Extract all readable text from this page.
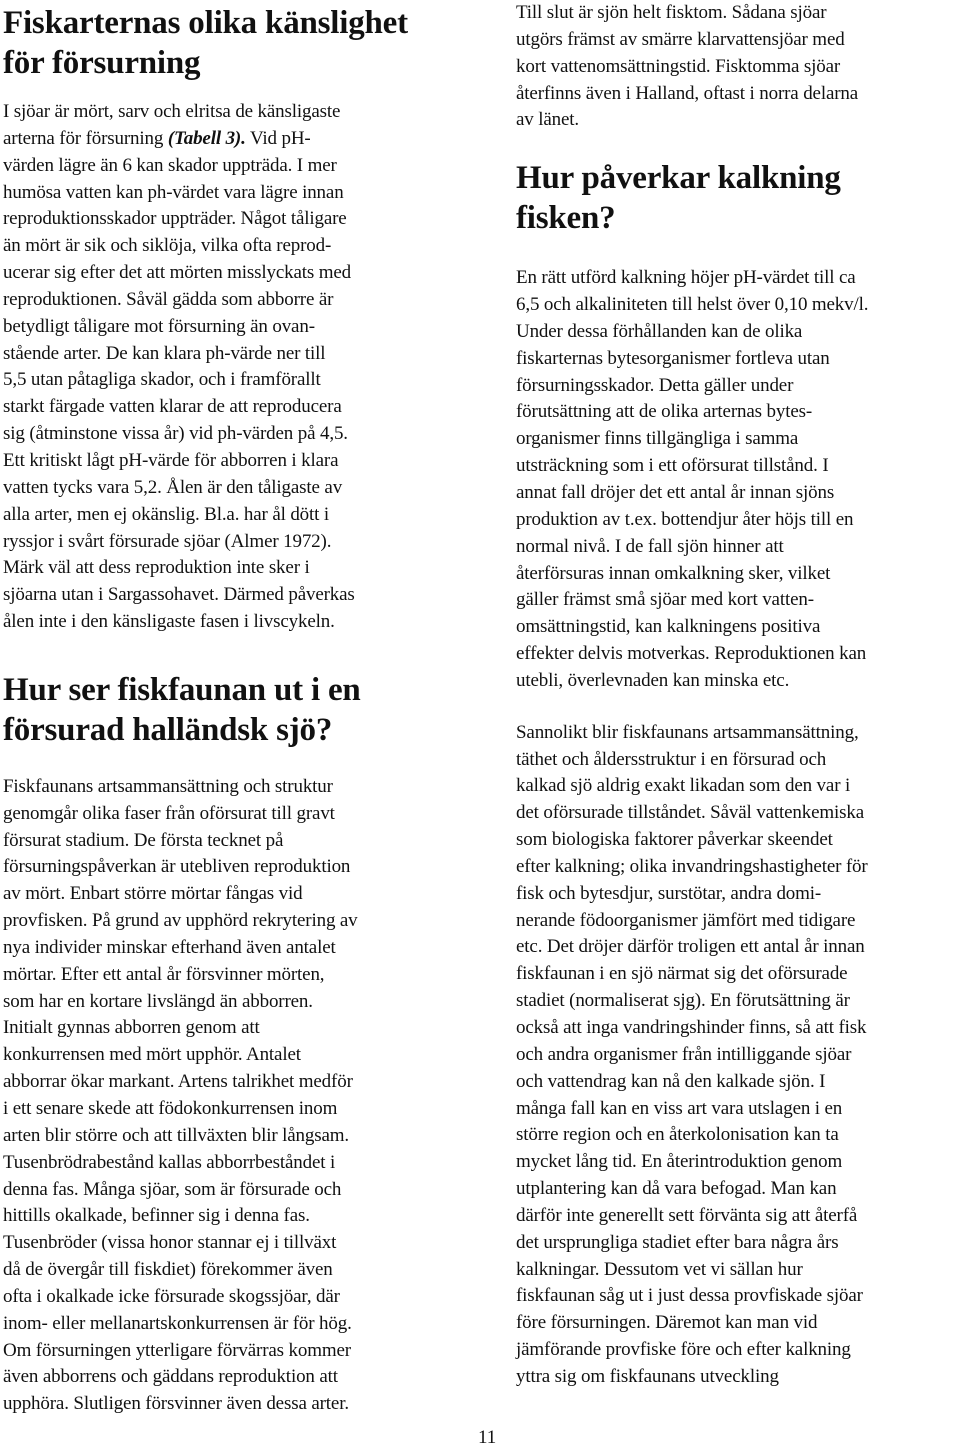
Fiskarternas olika känslighet
för försurning

I sjöar är mört, sarv och elritsa de känsligaste
arterna för försurning (Tabell 3). Vid pH-
värden lägre än 6 kan skador uppträda. I mer
humösa vatten kan ph-värdet vara lägre innan
reproduktionsskador uppträder. Något tåligare
än mört är sik och siklöja, vilka ofta reprod-
ucerar sig efter det att mörten misslyckats med
reproduktionen. Såväl gädda som abborre är
betydligt tåligare mot försurning än ovan-
stående arter. De kan klara ph-värde ner till
5,5 utan påtagliga skador, och i framförallt
starkt färgade vatten klarar de att reproducera
sig (åtminstone vissa år) vid ph-värden på 4,5.
Ett kritiskt lågt pH-värde för abborren i klara
vatten tycks vara 5,2. Ålen är den tåligaste av
alla arter, men ej okänslig. Bl.a. har ål dött i
ryssjor i svårt försurade sjöar (Almer 1972).
Märk väl att dess reproduktion inte sker i
sjöarna utan i Sargassohavet. Därmed påverkas
ålen inte i den känsligaste fasen i livscykeln.

Hur ser fiskfaunan ut i en
försurad halländsk sjö?

Fiskfaunans artsammansättning och struktur
genomgår olika faser från oförsurat till gravt
försurat stadium. De första tecknet på
försurningspåverkan är utebliven reproduktion
av mört. Enbart större mörtar fångas vid
provfisken. På grund av upphörd rekrytering av
nya individer minskar efterhand även antalet
mörtar. Efter ett antal år försvinner mörten,
som har en kortare livslängd än abborren.
Initialt gynnas abborren genom att
konkurrensen med mört upphör. Antalet
abborrar ökar markant. Artens talrikhet medför
i ett senare skede att födokonkurrensen inom
arten blir större och att tillväxten blir långsam.
Tusenbrödrabestånd kallas abborrbeståndet i
denna fas. Många sjöar, som är försurade och
hittills okalkade, befinner sig i denna fas.
Tusenbröder (vissa honor stannar ej i tillväxt
då de övergår till fiskdiet) förekommer även
ofta i okalkade icke försurade skogssjöar, där
inom- eller mellanartskonkurrensen är för hög.
Om försurningen ytterligare förvärras kommer
även abborrens och gäddans reproduktion att
upphöra. Slutligen försvinner även dessa arter.

Till slut är sjön helt fisktom. Sådana sjöar
utgörs främst av smärre klarvattensjöar med
kort vattenomsättningstid. Fisktomma sjöar
återfinns även i Halland, oftast i norra delarna
av länet.

Hur påverkar kalkning
fisken?

En rätt utförd kalkning höjer pH-värdet till ca
6,5 och alkaliniteten till helst över 0,10 mekv/l.
Under dessa förhållanden kan de olika
fiskarternas bytesorganismer fortleva utan
försurningsskador. Detta gäller under
förutsättning att de olika arternas bytes-
organismer finns tillgängliga i samma
utsträckning som i ett oförsurat tillstånd. I
annat fall dröjer det ett antal år innan sjöns
produktion av t.ex. bottendjur åter höjs till en
normal nivå. I de fall sjön hinner att
återförsuras innan omkalkning sker, vilket
gäller främst små sjöar med kort vatten-
omsättningstid, kan kalkningens positiva
effekter delvis motverkas. Reproduktionen kan
utebli, överlevnaden kan minska etc.

Sannolikt blir fiskfaunans artsammansättning,
täthet och åldersstruktur i en försurad och
kalkad sjö aldrig exakt likadan som den var i
det oförsurade tillståndet. Såväl vattenkemiska
som biologiska faktorer påverkar skeendet
efter kalkning; olika invandringshastigheter för
fisk och bytesdjur, surstötar, andra domi-
nerande födoorganismer jämfört med tidigare
etc. Det dröjer därför troligen ett antal år innan
fiskfaunan i en sjö närmat sig det oförsurade
stadiet (normaliserat sjg). En förutsättning är
också att inga vandringshinder finns, så att fisk
och andra organismer från intilliggande sjöar
och vattendrag kan nå den kalkade sjön. I
många fall kan en viss art vara utslagen i en
större region och en återkolonisation kan ta
mycket lång tid. En återintroduktion genom
utplantering kan då vara befogad. Man kan
därför inte generellt sett förvänta sig att återfå
det ursprungliga stadiet efter bara några års
kalkningar. Dessutom vet vi sällan hur
fiskfaunan såg ut i just dessa provfiskade sjöar
före försurningen. Däremot kan man vid
jämförande provfiske före och efter kalkning
yttra sig om fiskfaunans utveckling

11
